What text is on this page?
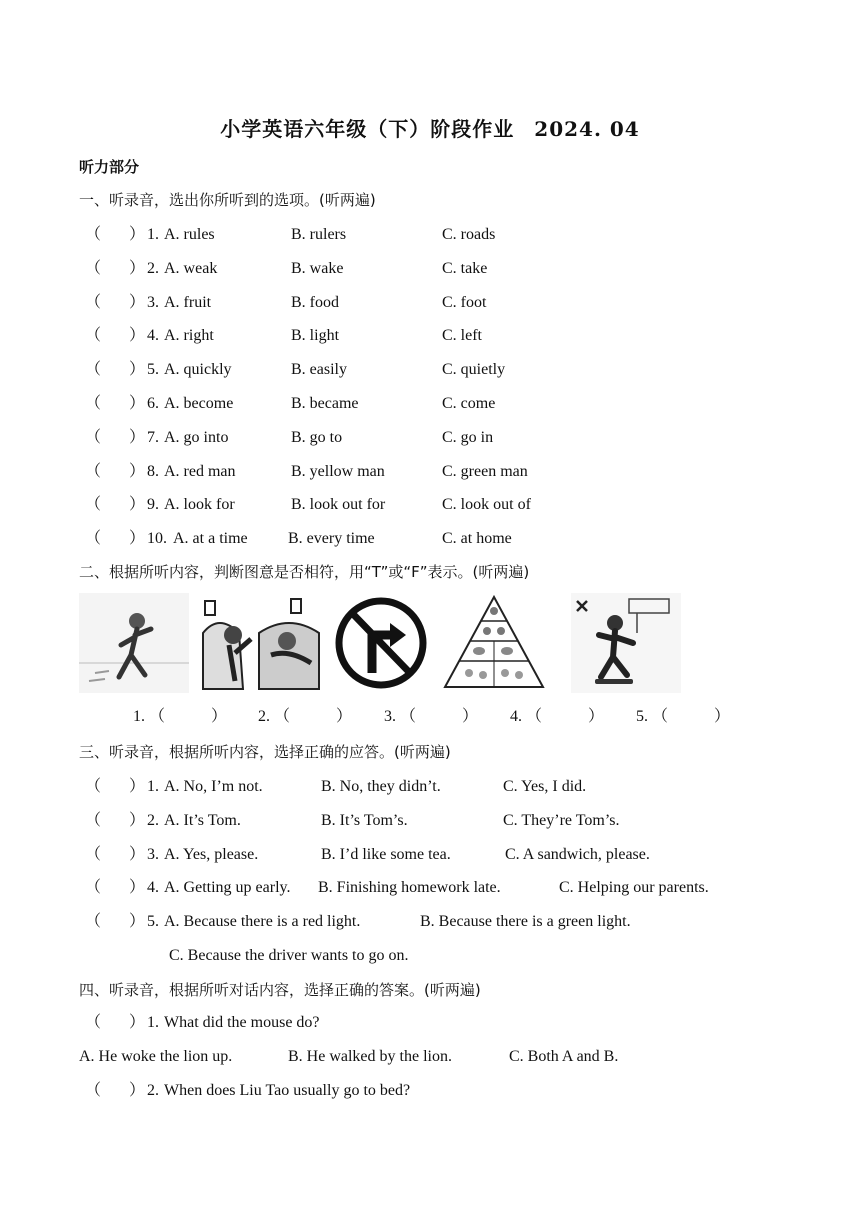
小学英语六年级（下）阶段作业 2024. 04
听力部分
一、听录音，选出你所听到的选项。(听两遍)
（ ） 1. A. rules	B. rulers	C. roads
（ ） 2. A. weak	B. wake	C. take
（ ） 3. A. fruit	B. food	C. foot
（ ） 4. A. right	B. light	C. left
（ ） 5. A. quickly	B. easily	C. quietly
（ ） 6. A. become	B. became	C. come
（ ） 7. A. go into	B. go to	C. go in
（ ） 8. A. red man	B. yellow man	C. green man
（ ） 9. A. look for	B. look out for	C. look out of
（ ） 10. A. at a time	B. every time	C. at home
二、根据所听内容，判断图意是否相符，用“T”或“F”表示。(听两遍)
1. （	） 2. （	） 3. （	） 4. （	） 5. （	）
三、听录音，根据所听内容，选择正确的应答。(听两遍)
（ ） 1. A. No, I’m not.	B. No, they didn’t.	C. Yes, I did.
（ ） 2. A. It’s Tom.	B. It’s Tom’s.	C. They’re Tom’s.
（ ） 3. A. Yes, please.	B. I’d like some tea.	C. A sandwich, please.
（ ） 4. A. Getting up early. B. Finishing homework late.	C. Helping our parents.
（ ） 5. A. Because there is a red light.	B. Because there is a green light.
C. Because the driver wants to go on.
四、听录音，根据所听对话内容，选择正确的答案。(听两遍)
（ ） 1. What did the mouse do?
A. He woke the lion up.	B. He walked by the lion.	C. Both A and B.
（ ） 2. When does Liu Tao usually go to bed?
